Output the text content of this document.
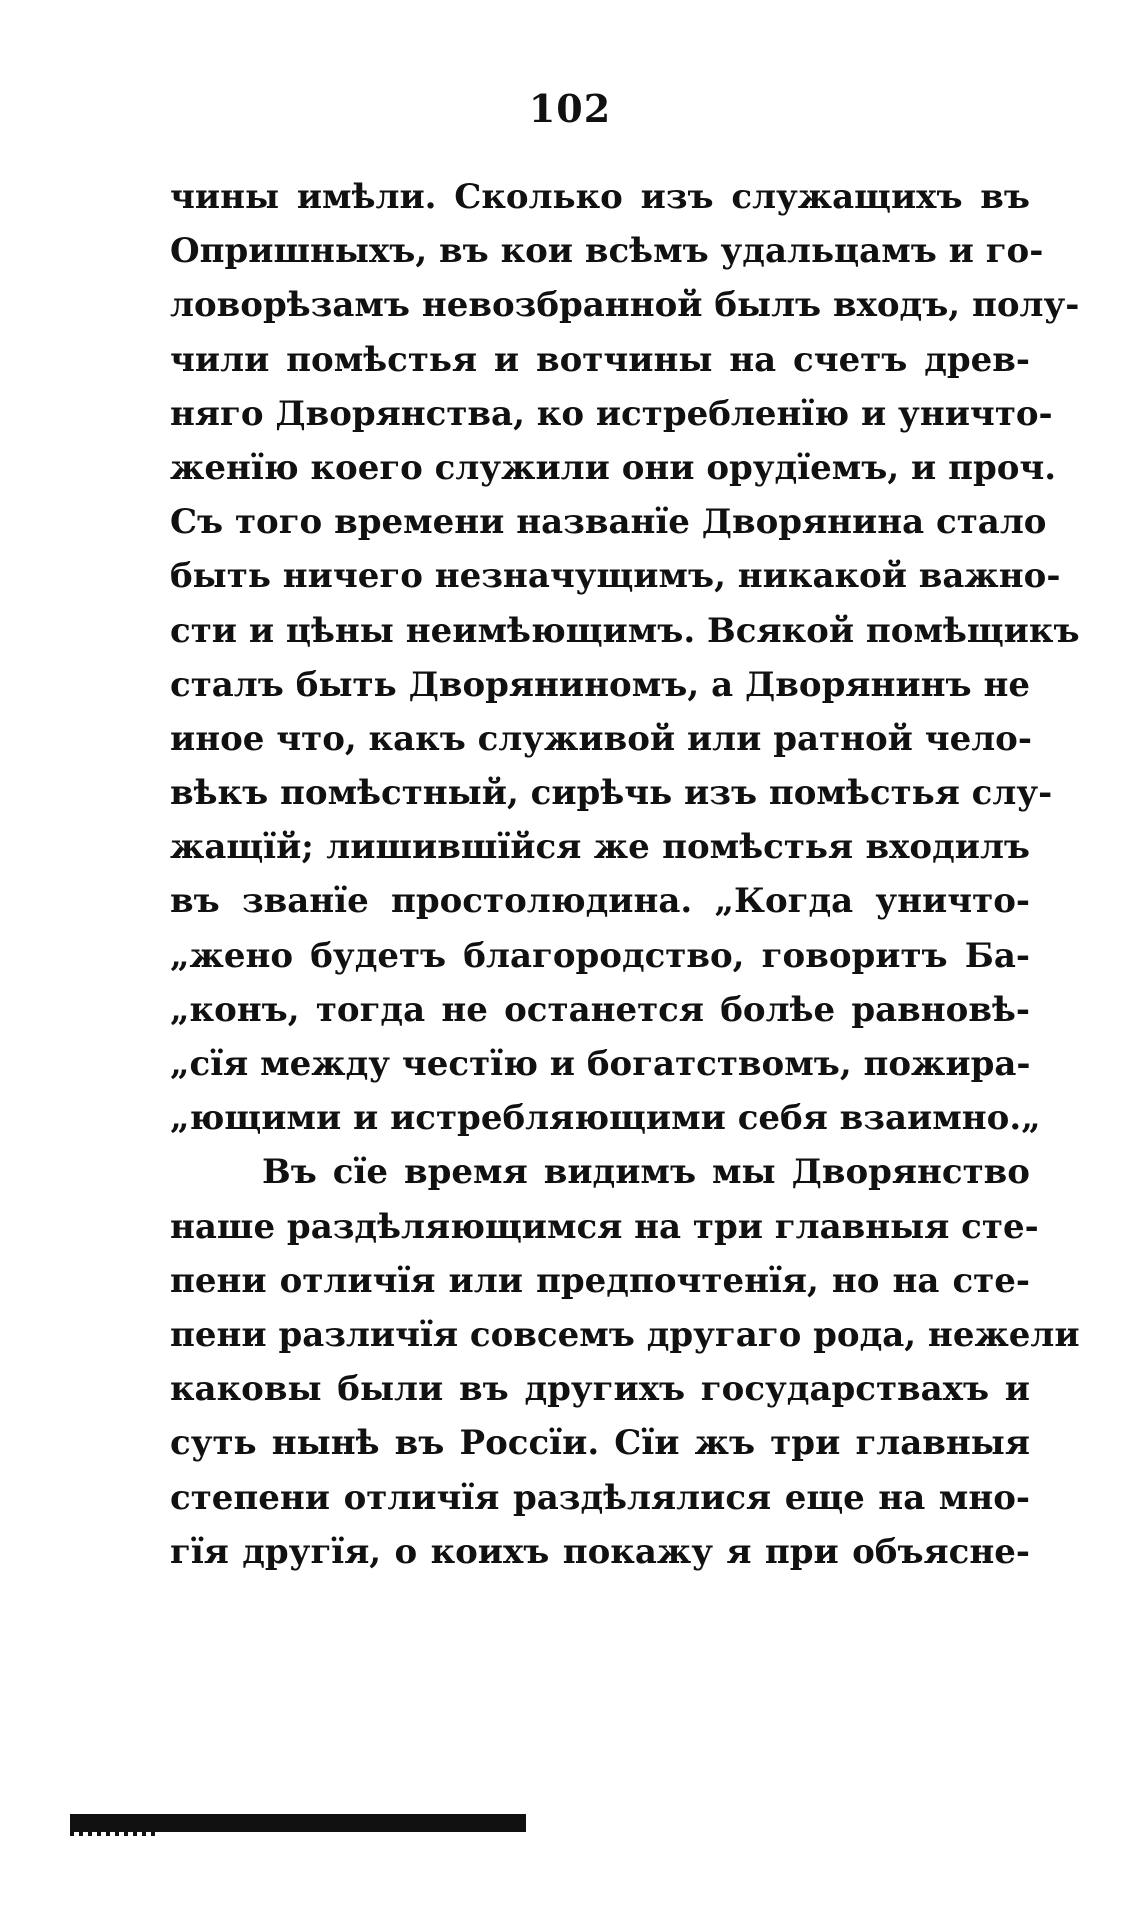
102
чины имѣли. Сколько изъ служащихъ въ
Опришныхъ, въ кои всѣмъ удальцамъ и го-
ловорѣзамъ невозбранной былъ входъ, полу-
чили помѣстья и вотчины на счетъ древ-
няго Дворянства, ко истребленїю и уничто-
женїю коего служили они орудїемъ, и проч.
Съ того времени названїе Дворянина стало
быть ничего незначущимъ, никакой важно-
сти и цѣны неимѣющимъ. Всякой помѣщикъ
сталъ быть Дворяниномъ, а Дворянинъ не
иное что, какъ служивой или ратной чело-
вѣкъ помѣстный, сирѣчь изъ помѣстья слу-
жащїй; лишившїйся же помѣстья входилъ
въ званїе простолюдина. „Когда уничто-
„жено будетъ благородство, говоритъ Ба-
„конъ, тогда не останется болѣе равновѣ-
„сїя между честїю и богатствомъ, пожира-
„ющими и истребляющими себя взаимно.„
Въ сїе время видимъ мы Дворянство
наше раздѣляющимся на три главныя сте-
пени отличїя или предпочтенїя, но на сте-
пени различїя совсемъ другаго рода, нежели
каковы были въ другихъ государствахъ и
суть нынѣ въ Россїи. Сїи жъ три главныя
степени отличїя раздѣлялися еще на мно-
гїя другїя, о коихъ покажу я при объясне-
